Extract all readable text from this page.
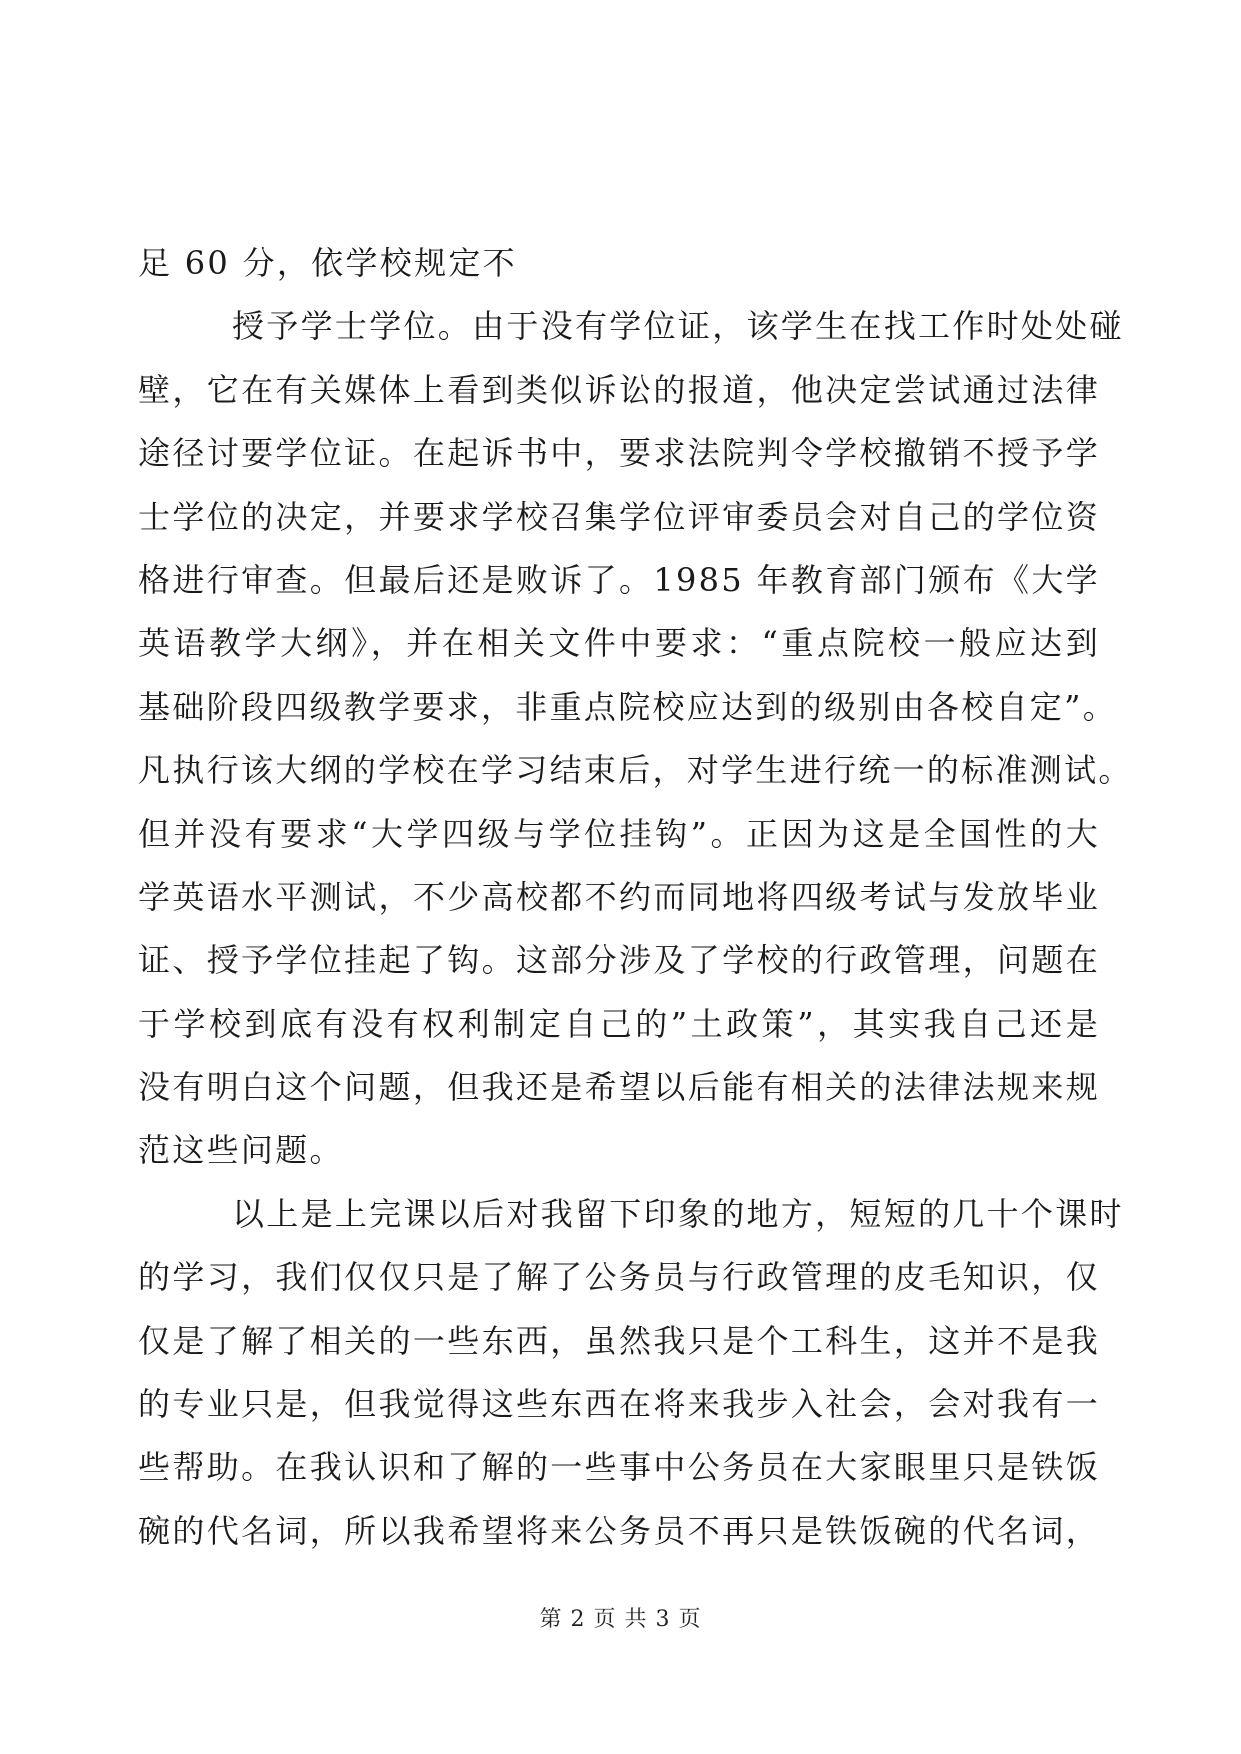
足 60 分，依学校规定不
授予学士学位。由于没有学位证，该学生在找工作时处处碰
壁，它在有关媒体上看到类似诉讼的报道，他决定尝试通过法律
途径讨要学位证。在起诉书中，要求法院判令学校撤销不授予学
士学位的决定，并要求学校召集学位评审委员会对自己的学位资
格进行审查。但最后还是败诉了。1985 年教育部门颁布《大学
英语教学大纲》，并在相关文件中要求：“重点院校一般应达到
基础阶段四级教学要求，非重点院校应达到的级别由各校自定”。
凡执行该大纲的学校在学习结束后，对学生进行统一的标准测试。
但并没有要求“大学四级与学位挂钩”。正因为这是全国性的大
学英语水平测试，不少高校都不约而同地将四级考试与发放毕业
证、授予学位挂起了钩。这部分涉及了学校的行政管理，问题在
于学校到底有没有权利制定自己的”土政策”，其实我自己还是
没有明白这个问题，但我还是希望以后能有相关的法律法规来规
范这些问题。
以上是上完课以后对我留下印象的地方，短短的几十个课时
的学习，我们仅仅只是了解了公务员与行政管理的皮毛知识，仅
仅是了解了相关的一些东西，虽然我只是个工科生，这并不是我
的专业只是，但我觉得这些东西在将来我步入社会，会对我有一
些帮助。在我认识和了解的一些事中公务员在大家眼里只是铁饭
碗的代名词，所以我希望将来公务员不再只是铁饭碗的代名词，
第 2 页 共 3 页
